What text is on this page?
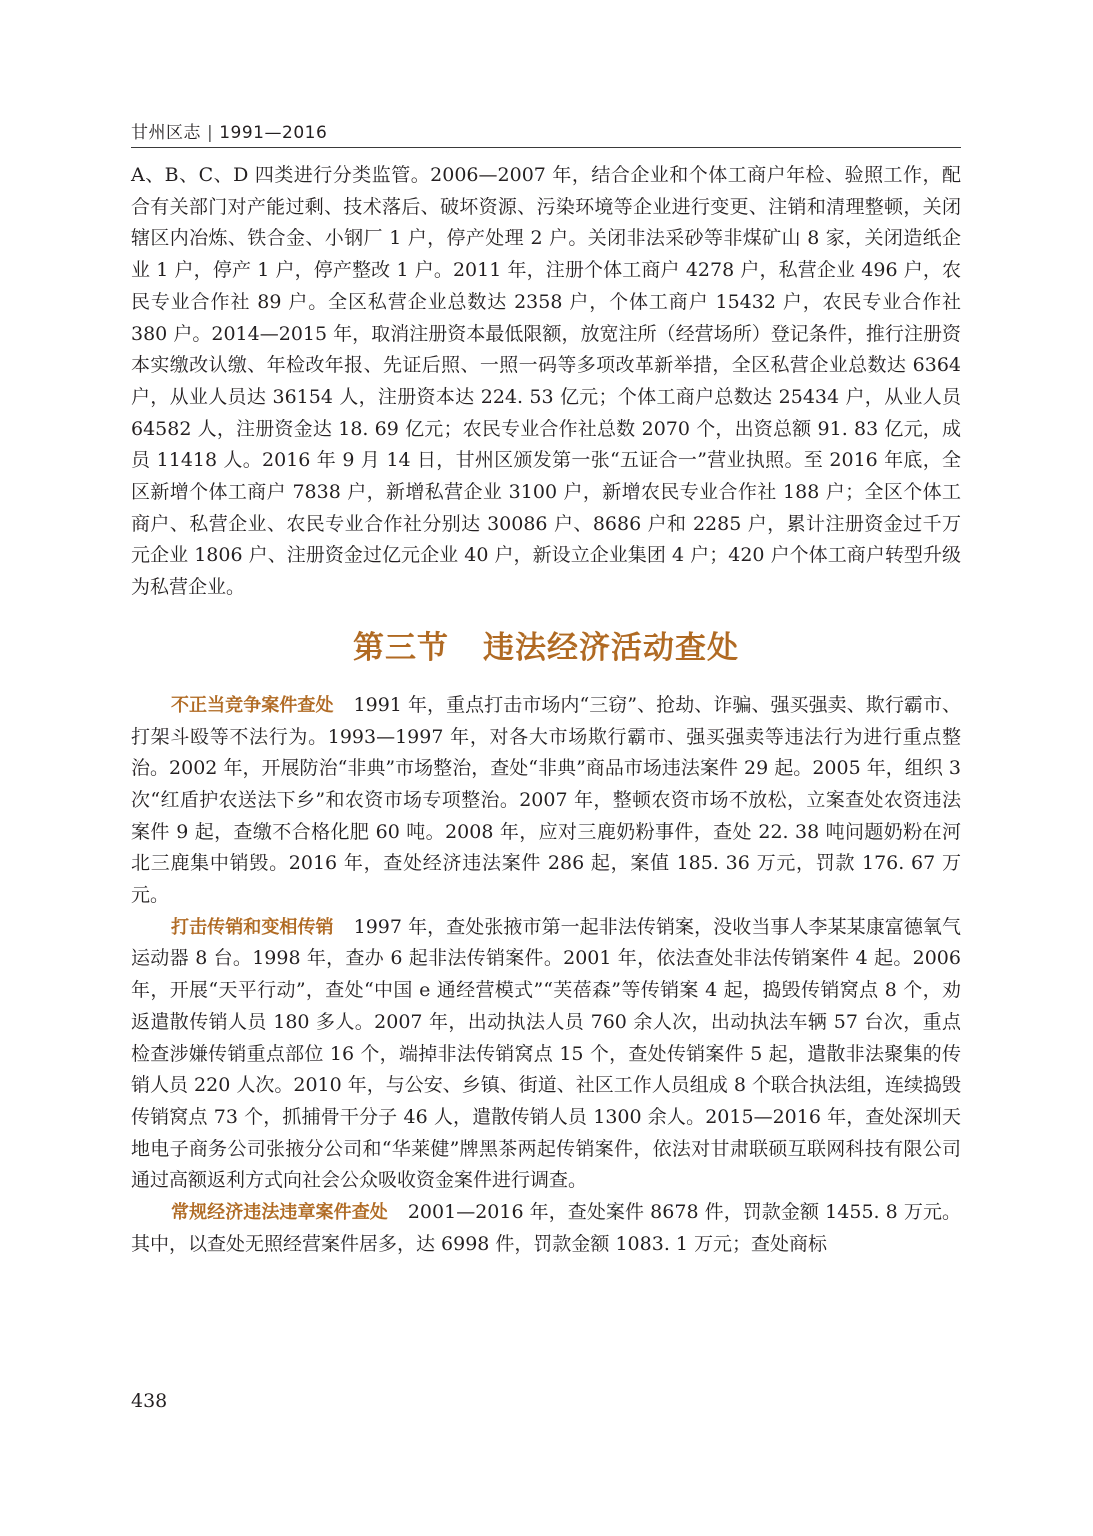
甘州区志 | 1991—2016

A、B、C、D 四类进行分类监管。2006—2007 年，结合企业和个体工商户年检、验照工作，配合有关部门对产能过剩、技术落后、破坏资源、污染环境等企业进行变更、注销和清理整顿，关闭辖区内冶炼、铁合金、小钢厂 1 户，停产处理 2 户。关闭非法采砂等非煤矿山 8 家，关闭造纸企业 1 户，停产 1 户，停产整改 1 户。2011 年，注册个体工商户 4278 户，私营企业 496 户，农民专业合作社 89 户。全区私营企业总数达 2358 户，个体工商户 15432 户，农民专业合作社 380 户。2014—2015 年，取消注册资本最低限额，放宽注所（经营场所）登记条件，推行注册资本实缴改认缴、年检改年报、先证后照、一照一码等多项改革新举措，全区私营企业总数达 6364 户，从业人员达 36154 人，注册资本达 224. 53 亿元；个体工商户总数达 25434 户，从业人员 64582 人，注册资金达 18. 69 亿元；农民专业合作社总数 2070 个，出资总额 91. 83 亿元，成员 11418 人。2016 年 9 月 14 日，甘州区颁发第一张“五证合一”营业执照。至 2016 年底，全区新增个体工商户 7838 户，新增私营企业 3100 户，新增农民专业合作社 188 户；全区个体工商户、私营企业、农民专业合作社分别达 30086 户、8686 户和 2285 户，累计注册资金过千万元企业 1806 户、注册资金过亿元企业 40 户，新设立企业集团 4 户；420 户个体工商户转型升级为私营企业。

第三节 违法经济活动查处

不正当竞争案件查处 1991 年，重点打击市场内“三窃”、抢劫、诈骗、强买强卖、欺行霸市、打架斗殴等不法行为。1993—1997 年，对各大市场欺行霸市、强买强卖等违法行为进行重点整治。2002 年，开展防治“非典”市场整治，查处“非典”商品市场违法案件 29 起。2005 年，组织 3 次“红盾护农送法下乡”和农资市场专项整治。2007 年，整顿农资市场不放松，立案查处农资违法案件 9 起，查缴不合格化肥 60 吨。2008 年，应对三鹿奶粉事件，查处 22. 38 吨问题奶粉在河北三鹿集中销毁。2016 年，查处经济违法案件 286 起，案值 185. 36 万元，罚款 176. 67 万元。

打击传销和变相传销 1997 年，查处张掖市第一起非法传销案，没收当事人李某某康富德氧气运动器 8 台。1998 年，查办 6 起非法传销案件。2001 年，依法查处非法传销案件 4 起。2006 年，开展“天平行动”，查处“中国 e 通经营模式”“芙蓓森”等传销案 4 起，捣毁传销窝点 8 个，劝返遣散传销人员 180 多人。2007 年，出动执法人员 760 余人次，出动执法车辆 57 台次，重点检查涉嫌传销重点部位 16 个，端掉非法传销窝点 15 个，查处传销案件 5 起，遣散非法聚集的传销人员 220 人次。2010 年，与公安、乡镇、街道、社区工作人员组成 8 个联合执法组，连续捣毁传销窝点 73 个，抓捕骨干分子 46 人，遣散传销人员 1300 余人。2015—2016 年，查处深圳天地电子商务公司张掖分公司和“华莱健”牌黑茶两起传销案件，依法对甘肃联硕互联网科技有限公司通过高额返利方式向社会公众吸收资金案件进行调查。

常规经济违法违章案件查处 2001—2016 年，查处案件 8678 件，罚款金额 1455. 8 万元。其中，以查处无照经营案件居多，达 6998 件，罚款金额 1083. 1 万元；查处商标

438
